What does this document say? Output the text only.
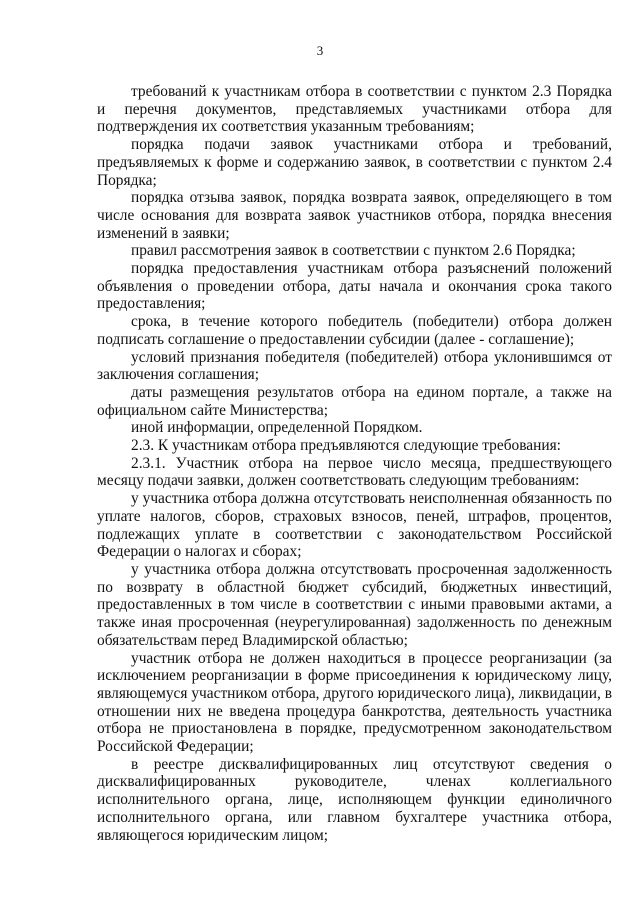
3

требований к участникам отбора в соответствии с пунктом 2.3 Порядка и перечня документов, представляемых участниками отбора для подтверждения их соответствия указанным требованиям;

порядка подачи заявок участниками отбора и требований, предъявляемых к форме и содержанию заявок, в соответствии с пунктом 2.4 Порядка;

порядка отзыва заявок, порядка возврата заявок, определяющего в том числе основания для возврата заявок участников отбора, порядка внесения изменений в заявки;

правил рассмотрения заявок в соответствии с пунктом 2.6 Порядка;

порядка предоставления участникам отбора разъяснений положений объявления о проведении отбора, даты начала и окончания срока такого предоставления;

срока, в течение которого победитель (победители) отбора должен подписать соглашение о предоставлении субсидии (далее - соглашение);

условий признания победителя (победителей) отбора уклонившимся от заключения соглашения;

даты размещения результатов отбора на едином портале, а также на официальном сайте Министерства;

иной информации, определенной Порядком.

2.3. К участникам отбора предъявляются следующие требования:

2.3.1. Участник отбора на первое число месяца, предшествующего месяцу подачи заявки, должен соответствовать следующим требованиям:

у участника отбора должна отсутствовать неисполненная обязанность по уплате налогов, сборов, страховых взносов, пеней, штрафов, процентов, подлежащих уплате в соответствии с законодательством Российской Федерации о налогах и сборах;

у участника отбора должна отсутствовать просроченная задолженность по возврату в областной бюджет субсидий, бюджетных инвестиций, предоставленных в том числе в соответствии с иными правовыми актами, а также иная просроченная (неурегулированная) задолженность по денежным обязательствам перед Владимирской областью;

участник отбора не должен находиться в процессе реорганизации (за исключением реорганизации в форме присоединения к юридическому лицу, являющемуся участником отбора, другого юридического лица), ликвидации, в отношении них не введена процедура банкротства, деятельность участника отбора не приостановлена в порядке, предусмотренном законодательством Российской Федерации;

в реестре дисквалифицированных лиц отсутствуют сведения о дисквалифицированных руководителе, членах коллегиального исполнительного органа, лице, исполняющем функции единоличного исполнительного органа, или главном бухгалтере участника отбора, являющегося юридическим лицом;
